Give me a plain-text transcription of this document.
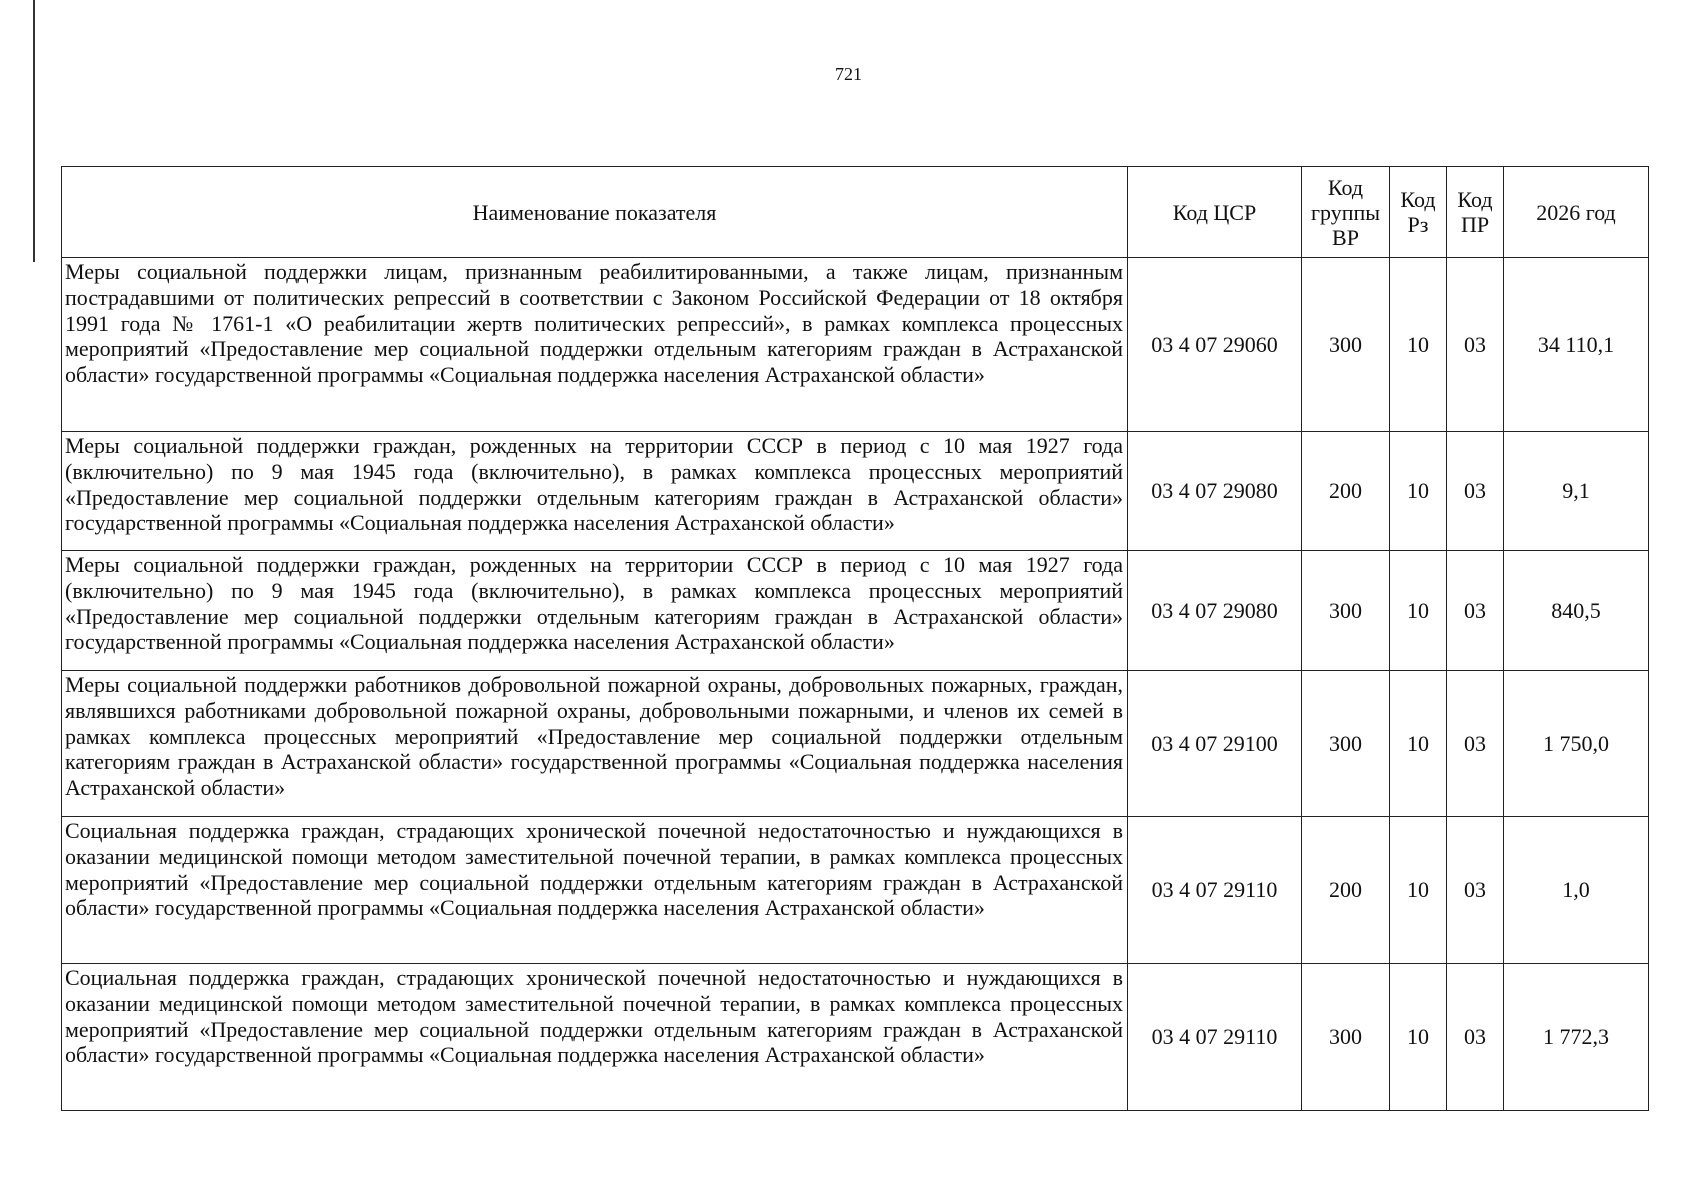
721
Наименование показателя	Код ЦСР	Код группы ВР	Код Рз	Код ПР	2026 год
Меры социальной поддержки лицам, признанным реабилитированными, а также лицам, признанным пострадавшими от политических репрессий в соответствии с Законом Российской Федерации от 18 октября 1991 года № 1761-1 «О реабилитации жертв политических репрессий», в рамках комплекса процессных мероприятий «Предоставление мер социальной поддержки отдельным категориям граждан в Астраханской области» государственной программы «Социальная поддержка населения Астраханской области»	03 4 07 29060	300	10	03	34 110,1
Меры социальной поддержки граждан, рожденных на территории СССР в период с 10 мая 1927 года (включительно) по 9 мая 1945 года (включительно), в рамках комплекса процессных мероприятий «Предоставление мер социальной поддержки отдельным категориям граждан в Астраханской области» государственной программы «Социальная поддержка населения Астраханской области»	03 4 07 29080	200	10	03	9,1
Меры социальной поддержки граждан, рожденных на территории СССР в период с 10 мая 1927 года (включительно) по 9 мая 1945 года (включительно), в рамках комплекса процессных мероприятий «Предоставление мер социальной поддержки отдельным категориям граждан в Астраханской области» государственной программы «Социальная поддержка населения Астраханской области»	03 4 07 29080	300	10	03	840,5
Меры социальной поддержки работников добровольной пожарной охраны, добровольных пожарных, граждан, являвшихся работниками добровольной пожарной охраны, добровольными пожарными, и членов их семей в рамках комплекса процессных мероприятий «Предоставление мер социальной поддержки отдельным категориям граждан в Астраханской области» государственной программы «Социальная поддержка населения Астраханской области»	03 4 07 29100	300	10	03	1 750,0
Социальная поддержка граждан, страдающих хронической почечной недостаточностью и нуждающихся в оказании медицинской помощи методом заместительной почечной терапии, в рамках комплекса процессных мероприятий «Предоставление мер социальной поддержки отдельным категориям граждан в Астраханской области» государственной программы «Социальная поддержка населения Астраханской области»	03 4 07 29110	200	10	03	1,0
Социальная поддержка граждан, страдающих хронической почечной недостаточностью и нуждающихся в оказании медицинской помощи методом заместительной почечной терапии, в рамках комплекса процессных мероприятий «Предоставление мер социальной поддержки отдельным категориям граждан в Астраханской области» государственной программы «Социальная поддержка населения Астраханской области»	03 4 07 29110	300	10	03	1 772,3
